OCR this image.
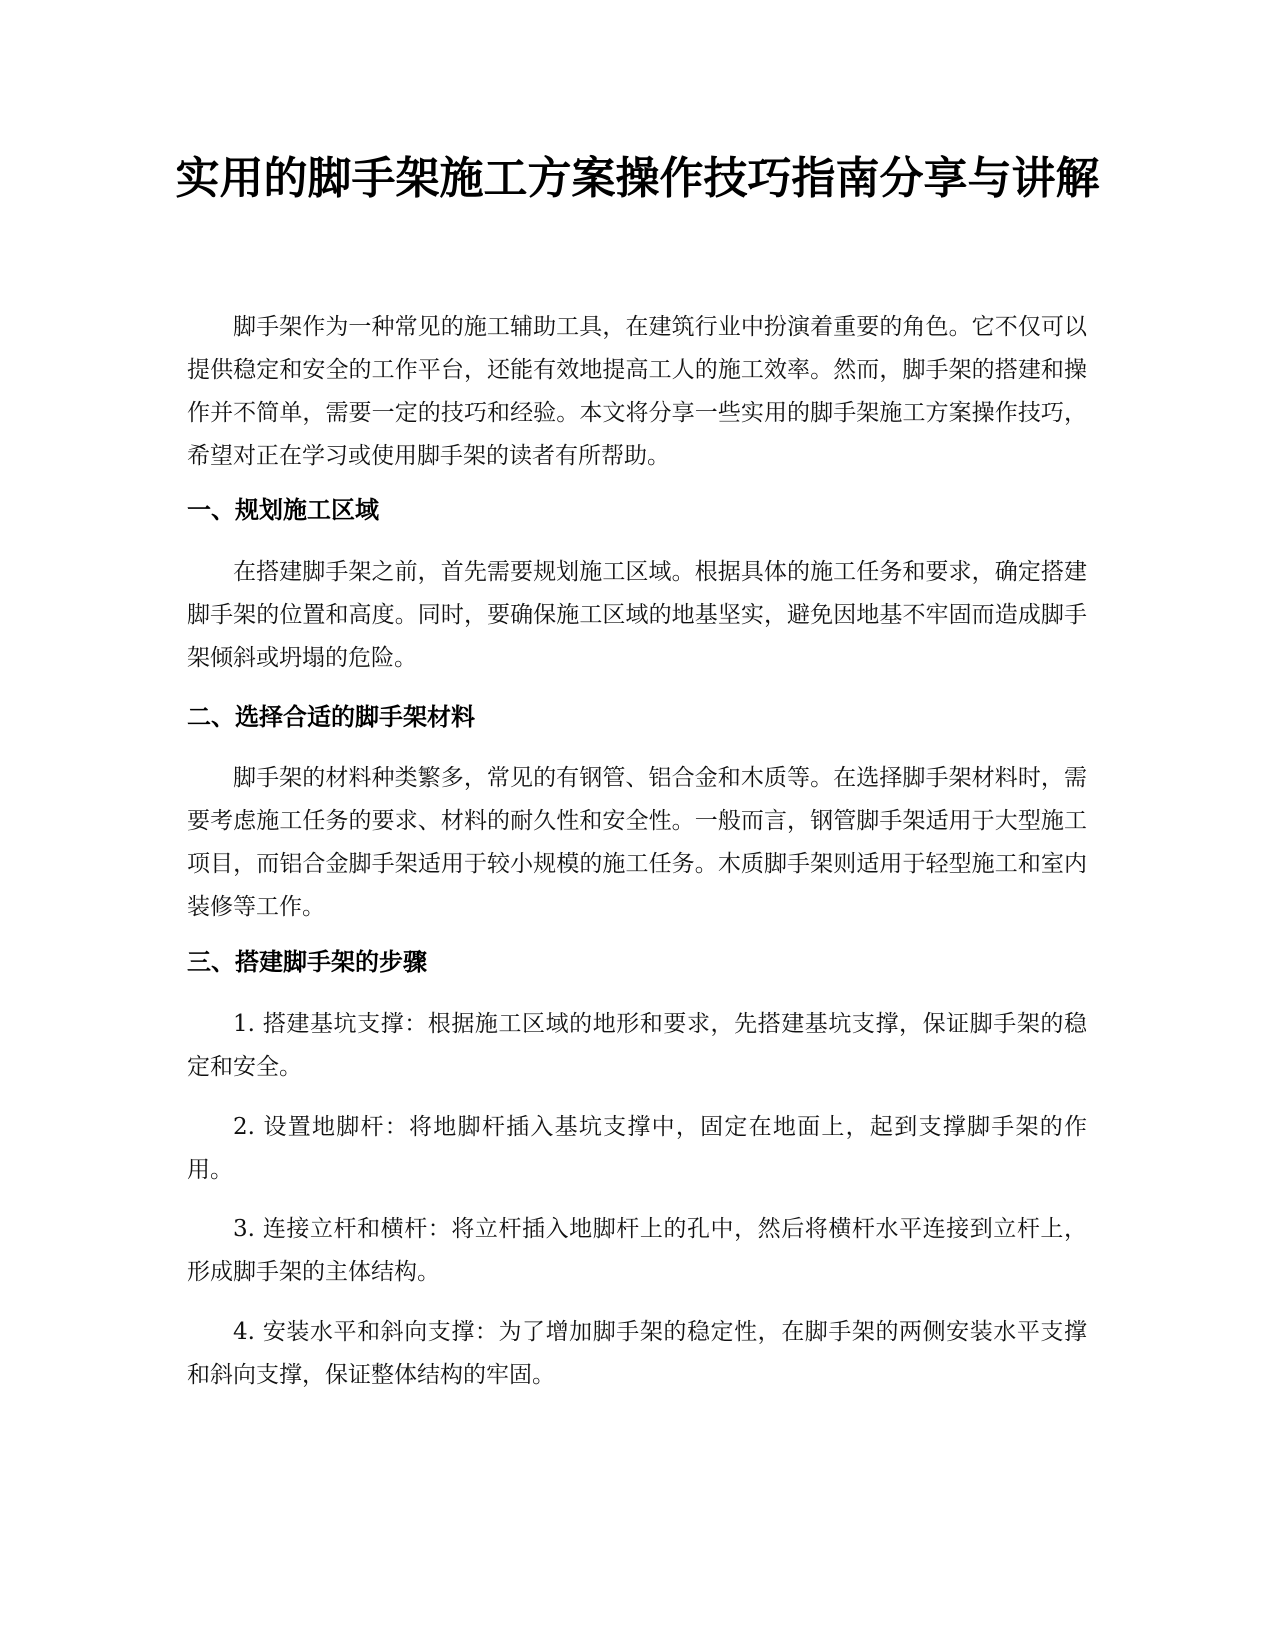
实用的脚手架施工方案操作技巧指南分享与讲解

脚手架作为一种常见的施工辅助工具，在建筑行业中扮演着重要的角色。它不仅可以提供稳定和安全的工作平台，还能有效地提高工人的施工效率。然而，脚手架的搭建和操作并不简单，需要一定的技巧和经验。本文将分享一些实用的脚手架施工方案操作技巧，希望对正在学习或使用脚手架的读者有所帮助。

一、规划施工区域

在搭建脚手架之前，首先需要规划施工区域。根据具体的施工任务和要求，确定搭建脚手架的位置和高度。同时，要确保施工区域的地基坚实，避免因地基不牢固而造成脚手架倾斜或坍塌的危险。

二、选择合适的脚手架材料

脚手架的材料种类繁多，常见的有钢管、铝合金和木质等。在选择脚手架材料时，需要考虑施工任务的要求、材料的耐久性和安全性。一般而言，钢管脚手架适用于大型施工项目，而铝合金脚手架适用于较小规模的施工任务。木质脚手架则适用于轻型施工和室内装修等工作。

三、搭建脚手架的步骤

1. 搭建基坑支撑：根据施工区域的地形和要求，先搭建基坑支撑，保证脚手架的稳定和安全。

2. 设置地脚杆：将地脚杆插入基坑支撑中，固定在地面上，起到支撑脚手架的作用。

3. 连接立杆和横杆：将立杆插入地脚杆上的孔中，然后将横杆水平连接到立杆上，形成脚手架的主体结构。

4. 安装水平和斜向支撑：为了增加脚手架的稳定性，在脚手架的两侧安装水平支撑和斜向支撑，保证整体结构的牢固。
